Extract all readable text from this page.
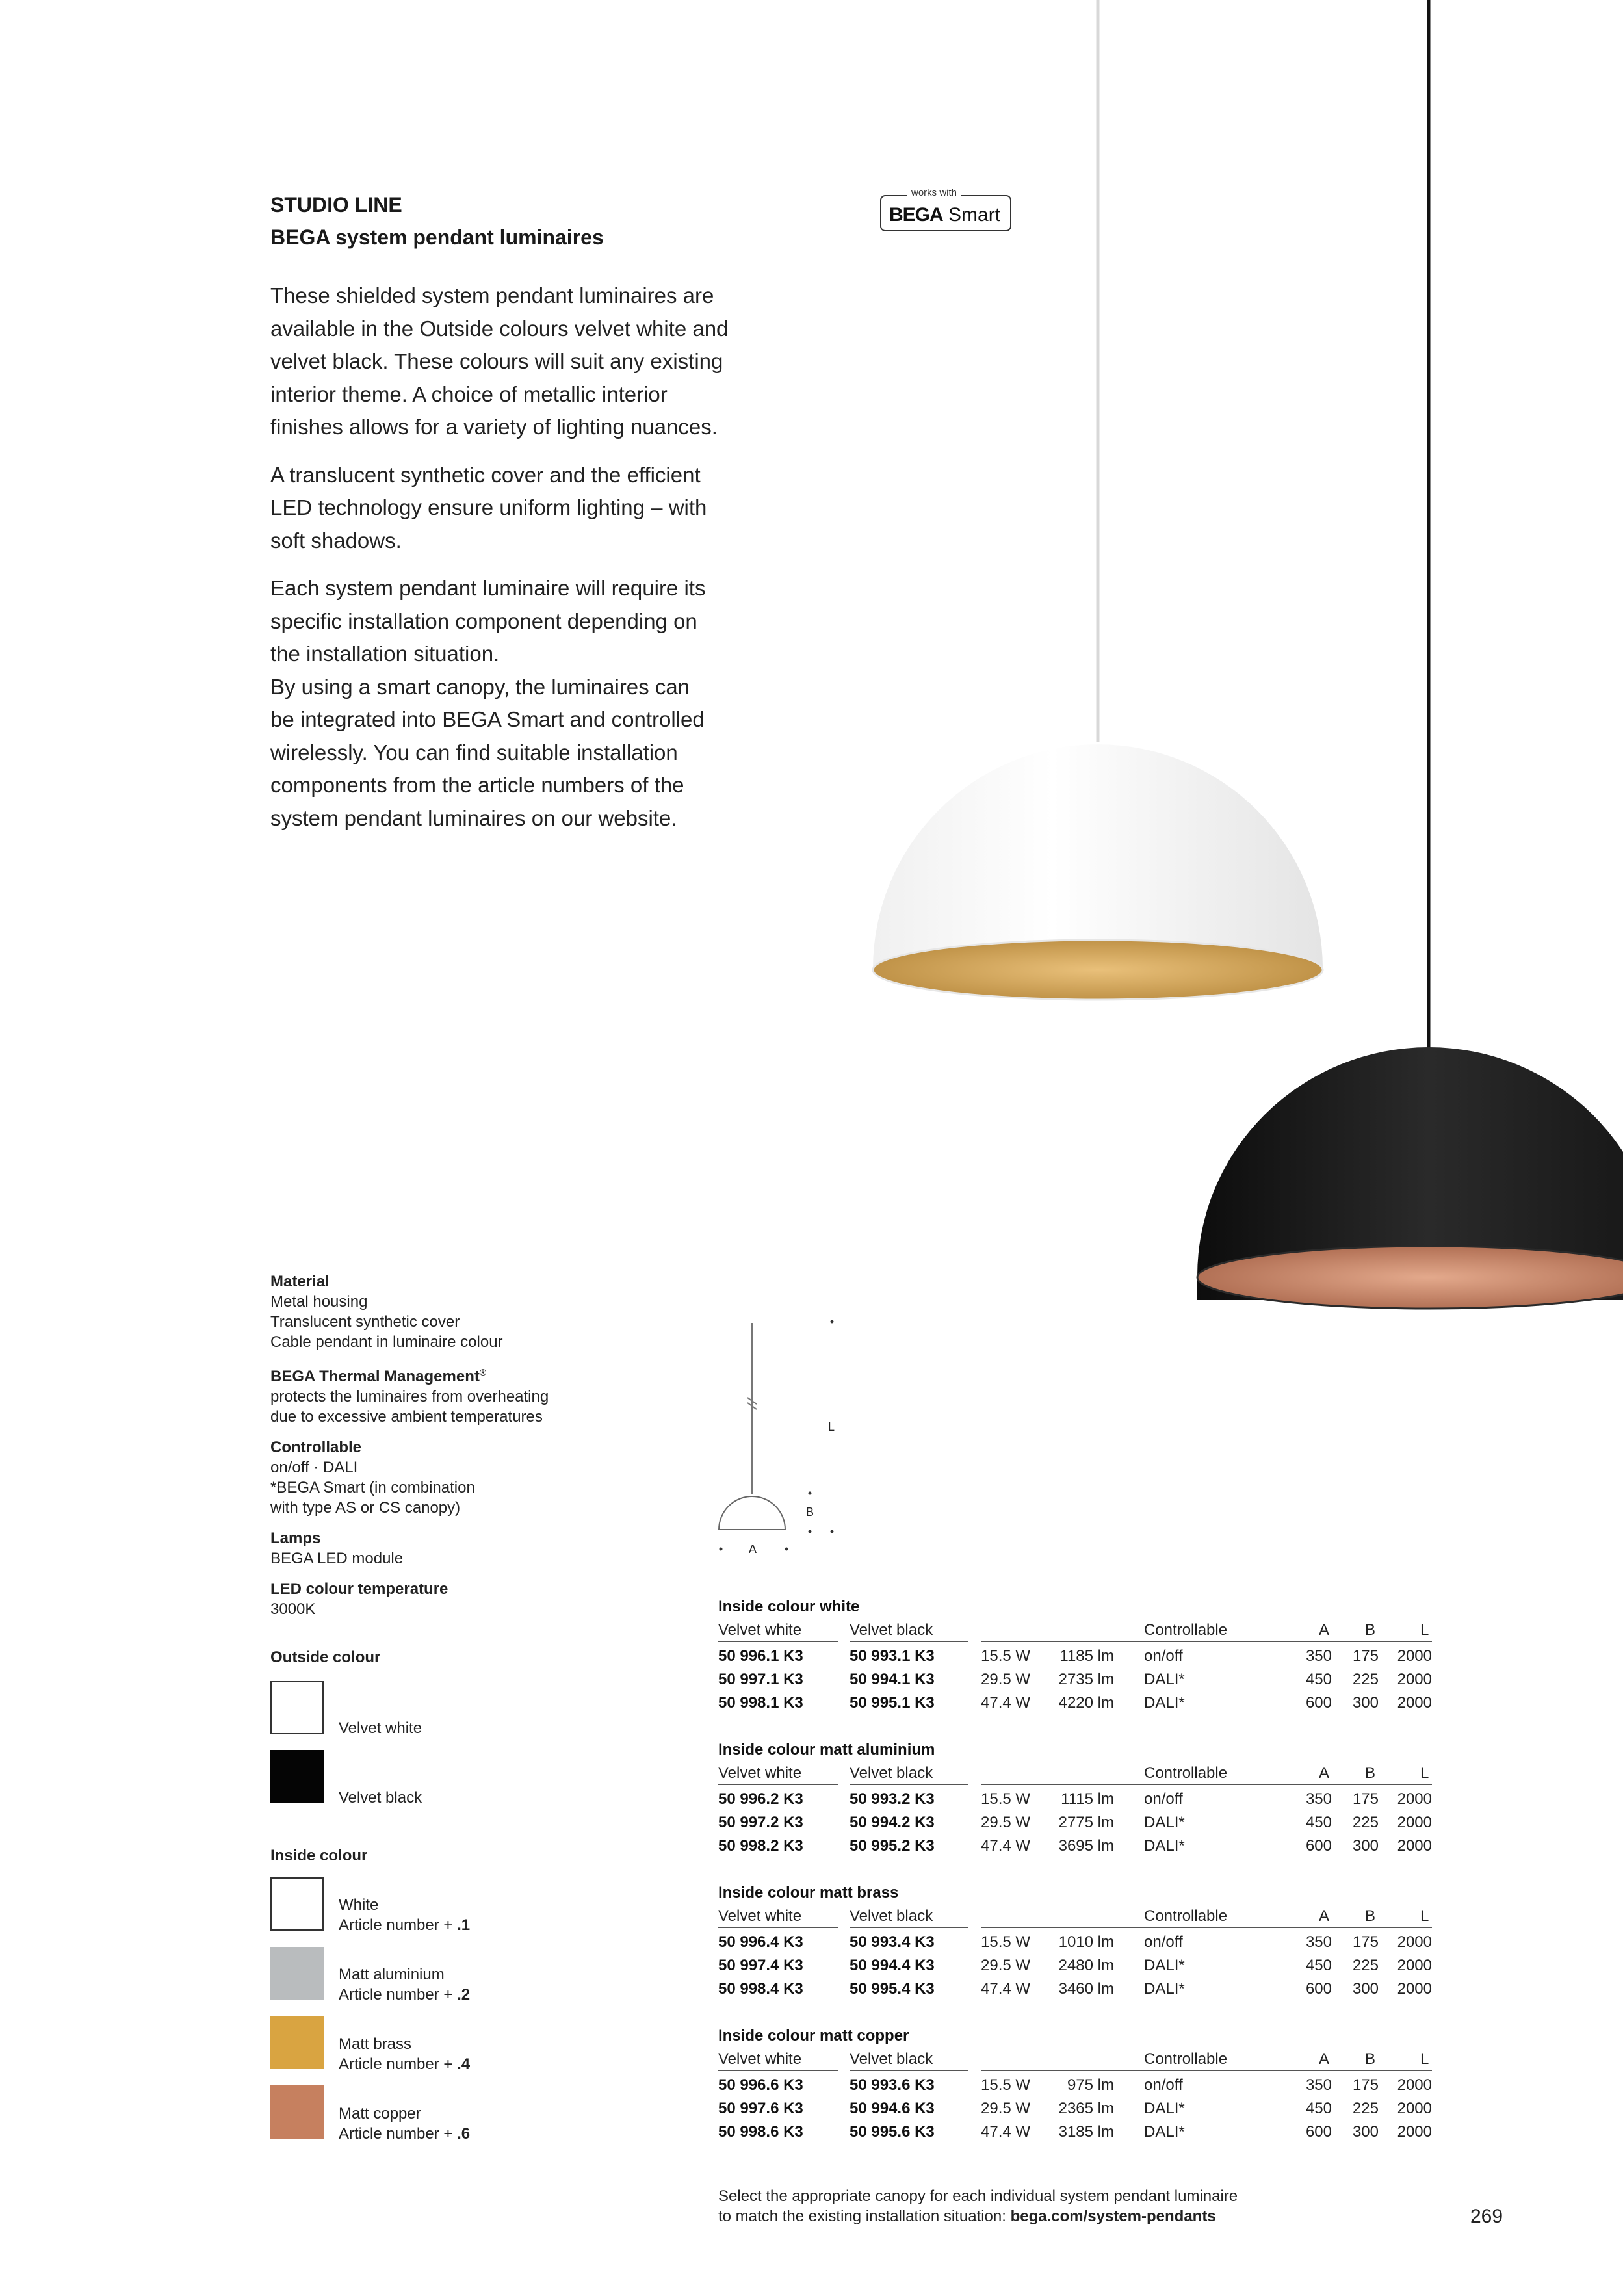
STUDIO LINE
BEGA system pendant luminaires
works with
BEGA Smart

These shielded system pendant luminaires are
available in the Outside colours velvet white and
velvet black. These colours will suit any existing
interior theme. A choice of metallic interior
finishes allows for a variety of lighting nuances.

A translucent synthetic cover and the efficient
LED technology ensure uniform lighting – with
soft shadows.

Each system pendant luminaire will require its
specific installation component depending on
the installation situation.
By using a smart canopy, the luminaires can
be integrated into BEGA Smart and controlled
wirelessly. You can find suitable installation
components from the article numbers of the
system pendant luminaires on our website.

Material
Metal housing
Translucent synthetic cover
Cable pendant in luminaire colour
BEGA Thermal Management®
protects the luminaires from overheating
due to excessive ambient temperatures
Controllable
on/off · DALI
*BEGA Smart (in combination
with type AS or CS canopy)
Lamps
BEGA LED module
LED colour temperature
3000K
Outside colour
Velvet white
Velvet black
Inside colour
White
Article number + .1
Matt aluminium
Article number + .2
Matt brass
Article number + .4
Matt copper
Article number + .6
L
B
A
Inside colour white
Velvet white	Velvet black	Controllable	A B	L
50 996.1 K3	50 993.1 K3	15.5 W 1185 lm on/off	350 175 2000
50 997.1 K3	50 994.1 K3	29.5 W 2735 lm DALI*	450 225 2000
50 998.1 K3	50 995.1 K3	47.4 W 4220 lm DALI*	600 300 2000
Inside colour matt aluminium
Velvet white	Velvet black	Controllable	A B	L
50 996.2 K3	50 993.2 K3	15.5 W 1115 lm on/off	350 175 2000
50 997.2 K3	50 994.2 K3	29.5 W 2775 lm DALI*	450 225 2000
50 998.2 K3	50 995.2 K3	47.4 W 3695 lm DALI*	600 300 2000
Inside colour matt brass
Velvet white	Velvet black	Controllable	A B	L
50 996.4 K3	50 993.4 K3	15.5 W 1010 lm on/off	350 175 2000
50 997.4 K3	50 994.4 K3	29.5 W 2480 lm DALI*	450 225 2000
50 998.4 K3	50 995.4 K3	47.4 W 3460 lm DALI*	600 300 2000
Inside colour matt copper
Velvet white	Velvet black	Controllable	A B	L
50 996.6 K3	50 993.6 K3	15.5 W 975 lm on/off	350 175 2000
50 997.6 K3	50 994.6 K3	29.5 W 2365 lm DALI*	450 225 2000
50 998.6 K3	50 995.6 K3	47.4 W 3185 lm DALI*	600 300 2000
Select the appropriate canopy for each individual system pendant luminaire
to match the existing installation situation: bega.com/system-pendants	269
